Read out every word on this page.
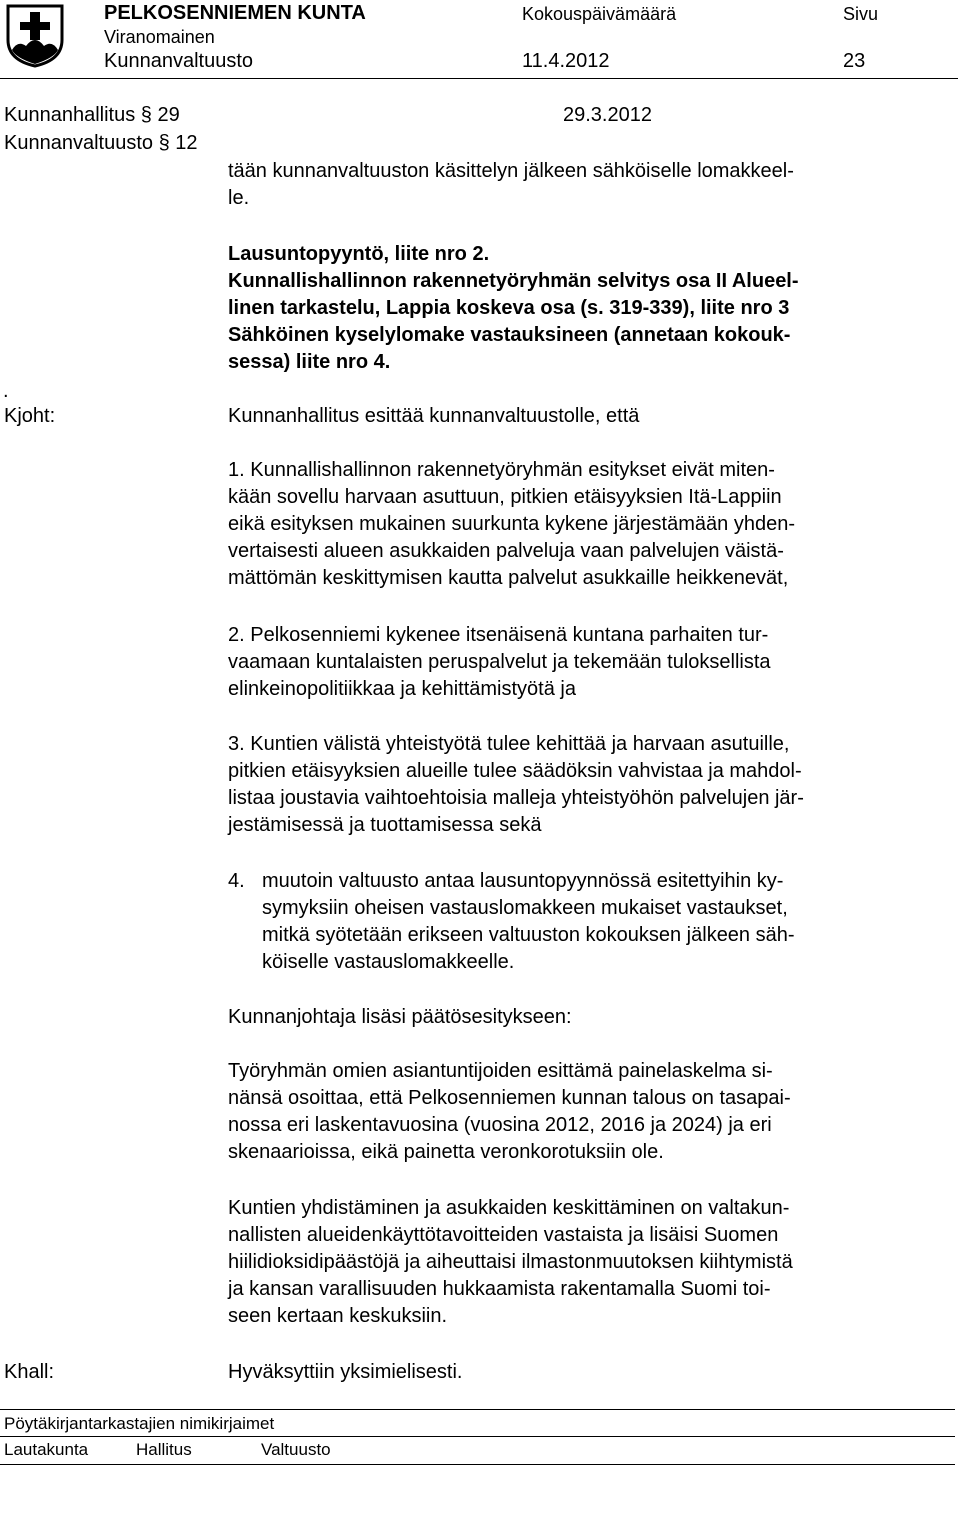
PELKOSENNIEMEN KUNTA
Viranomainen
Kunnanvaltuusto
Kokouspäivämäärä
11.4.2012
Sivu
23
Kunnanhallitus § 29	29.3.2012
Kunnanvaltuusto § 12
tään kunnanvaltuuston käsittelyn jälkeen sähköiselle lomakkeel-
le.
Lausuntopyyntö, liite nro 2.
Kunnallishallinnon rakennetyöryhmän selvitys osa II Alueel-
linen tarkastelu, Lappia koskeva osa (s. 319-339), liite nro 3
Sähköinen kyselylomake vastauksineen (annetaan kokouk-
sessa) liite nro 4.
.
Kjoht:	Kunnanhallitus esittää kunnanvaltuustolle, että
1. Kunnallishallinnon rakennetyöryhmän esitykset eivät miten-
kään sovellu harvaan asuttuun, pitkien etäisyyksien Itä-Lappiin
eikä esityksen mukainen suurkunta kykene järjestämään yhden-
vertaisesti alueen asukkaiden palveluja vaan palvelujen väistä-
mättömän keskittymisen kautta palvelut asukkaille heikkenevät,
2. Pelkosenniemi kykenee itsenäisenä kuntana parhaiten tur-
vaamaan kuntalaisten peruspalvelut ja tekemään tuloksellista
elinkeinopolitiikkaa ja kehittämistyötä ja
3. Kuntien välistä yhteistyötä tulee kehittää ja harvaan asutuille,
pitkien etäisyyksien alueille tulee säädöksin vahvistaa ja mahdol-
listaa joustavia vaihtoehtoisia malleja yhteistyöhön palvelujen jär-
jestämisessä ja tuottamisessa sekä
4. muutoin valtuusto antaa lausuntopyynnössä esitettyihin ky-
symyksiin oheisen vastauslomakkeen mukaiset vastaukset,
mitkä syötetään erikseen valtuuston kokouksen jälkeen säh-
köiselle vastauslomakkeelle.
Kunnanjohtaja lisäsi päätösesitykseen:
Työryhmän omien asiantuntijoiden esittämä painelaskelma si-
nänsä osoittaa, että Pelkosenniemen kunnan talous on tasapai-
nossa eri laskentavuosina (vuosina 2012, 2016 ja 2024) ja eri
skenaarioissa, eikä painetta veronkorotuksiin ole.
Kuntien yhdistäminen ja asukkaiden keskittäminen on valtakun-
nallisten alueidenkäyttötavoitteiden vastaista ja lisäisi Suomen
hiilidioksidipäästöjä ja aiheuttaisi ilmastonmuutoksen kiihtymistä
ja kansan varallisuuden hukkaamista rakentamalla Suomi toi-
seen kertaan keskuksiin.
Khall:	Hyväksyttiin yksimielisesti.
Pöytäkirjantarkastajien nimikirjaimet
Lautakunta	Hallitus	Valtuusto
